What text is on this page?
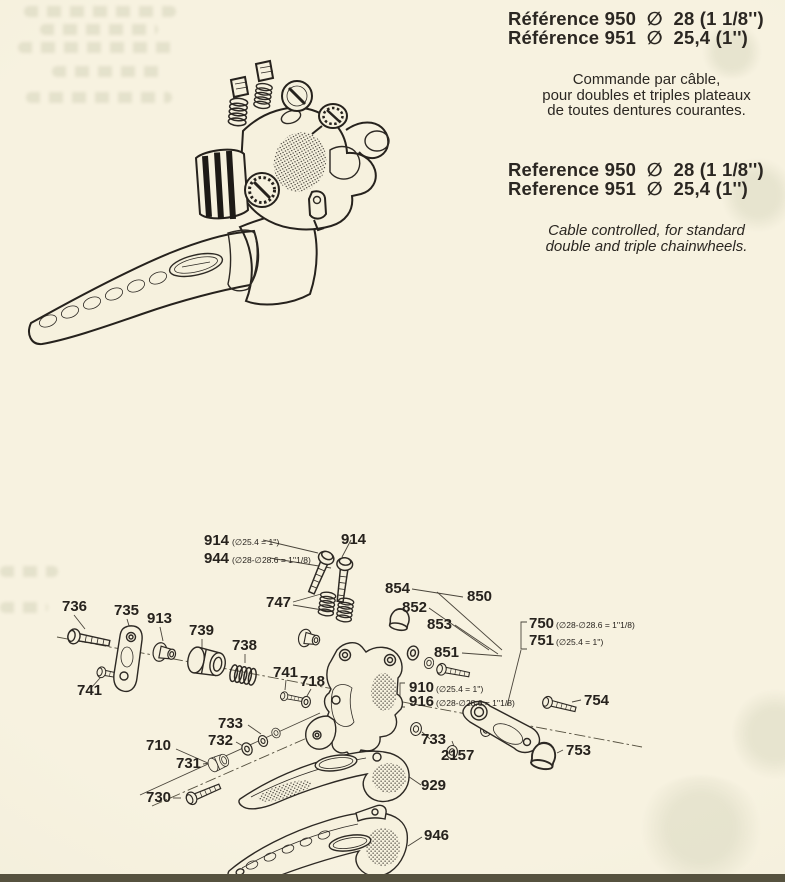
Référence 950  ∅  28 (1 1/8'')
Référence 951  ∅  25,4 (1'')
Commande par câble,
pour doubles et triples plateaux
de toutes dentures courantes.
Reference 950  ∅  28 (1 1/8'')
Reference 951  ∅  25,4 (1'')
Cable controlled, for standard
double and triple chainwheels.
914 (∅25.4 = 1'')
944 (∅28-∅28.6 = 1''1/8)
914
747
854	850
852
853	750 (∅28-∅28.6 = 1''1/8)
751 (∅25.4 = 1'')
851
736 735 913
739
738
741
741
718	910 (∅25.4 = 1'')
916 (∅28-∅28.6 = 1''1/8)	754
733
710 732
731
730
733
2157	753
929
946
